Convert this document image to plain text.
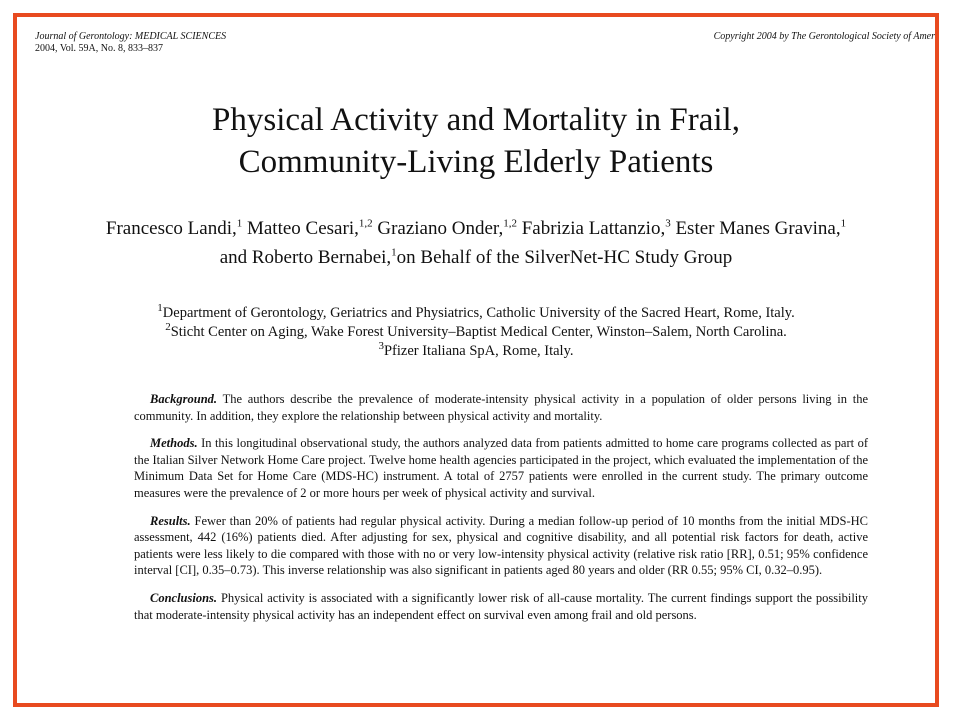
Journal of Gerontology: MEDICAL SCIENCES
2004, Vol. 59A, No. 8, 833–837
Copyright 2004 by The Gerontological Society of Amer
Physical Activity and Mortality in Frail,
Community-Living Elderly Patients
Francesco Landi,$^1$ Matteo Cesari,$^{1,2}$ Graziano Onder,$^{1,2}$ Fabrizia Lattanzio,$^3$ Ester Manes Gravina,$^1$
and Roberto Bernabei,$^1$on Behalf of the SilverNet-HC Study Group
$^1$Department of Gerontology, Geriatrics and Physiatrics, Catholic University of the Sacred Heart, Rome, Italy.
$^2$Sticht Center on Aging, Wake Forest University–Baptist Medical Center, Winston–Salem, North Carolina.
$^3$Pfizer Italiana SpA, Rome, Italy.

Background. The authors describe the prevalence of moderate-intensity physical activity in a population of older persons living in the community. In addition, they explore the relationship between physical activity and mortality.

Methods. In this longitudinal observational study, the authors analyzed data from patients admitted to home care programs collected as part of the Italian Silver Network Home Care project. Twelve home health agencies participated in the project, which evaluated the implementation of the Minimum Data Set for Home Care (MDS-HC) instrument. A total of 2757 patients were enrolled in the current study. The primary outcome measures were the prevalence of 2 or more hours per week of physical activity and survival.

Results. Fewer than 20% of patients had regular physical activity. During a median follow-up period of 10 months from the initial MDS-HC assessment, 442 (16%) patients died. After adjusting for sex, physical and cognitive disability, and all potential risk factors for death, active patients were less likely to die compared with those with no or very low-intensity physical activity (relative risk ratio [RR], 0.51; 95% confidence interval [CI], 0.35–0.73). This inverse relationship was also significant in patients aged 80 years and older (RR 0.55; 95% CI, 0.32–0.95).

Conclusions. Physical activity is associated with a significantly lower risk of all-cause mortality. The current findings support the possibility that moderate-intensity physical activity has an independent effect on survival even among frail and old persons.
